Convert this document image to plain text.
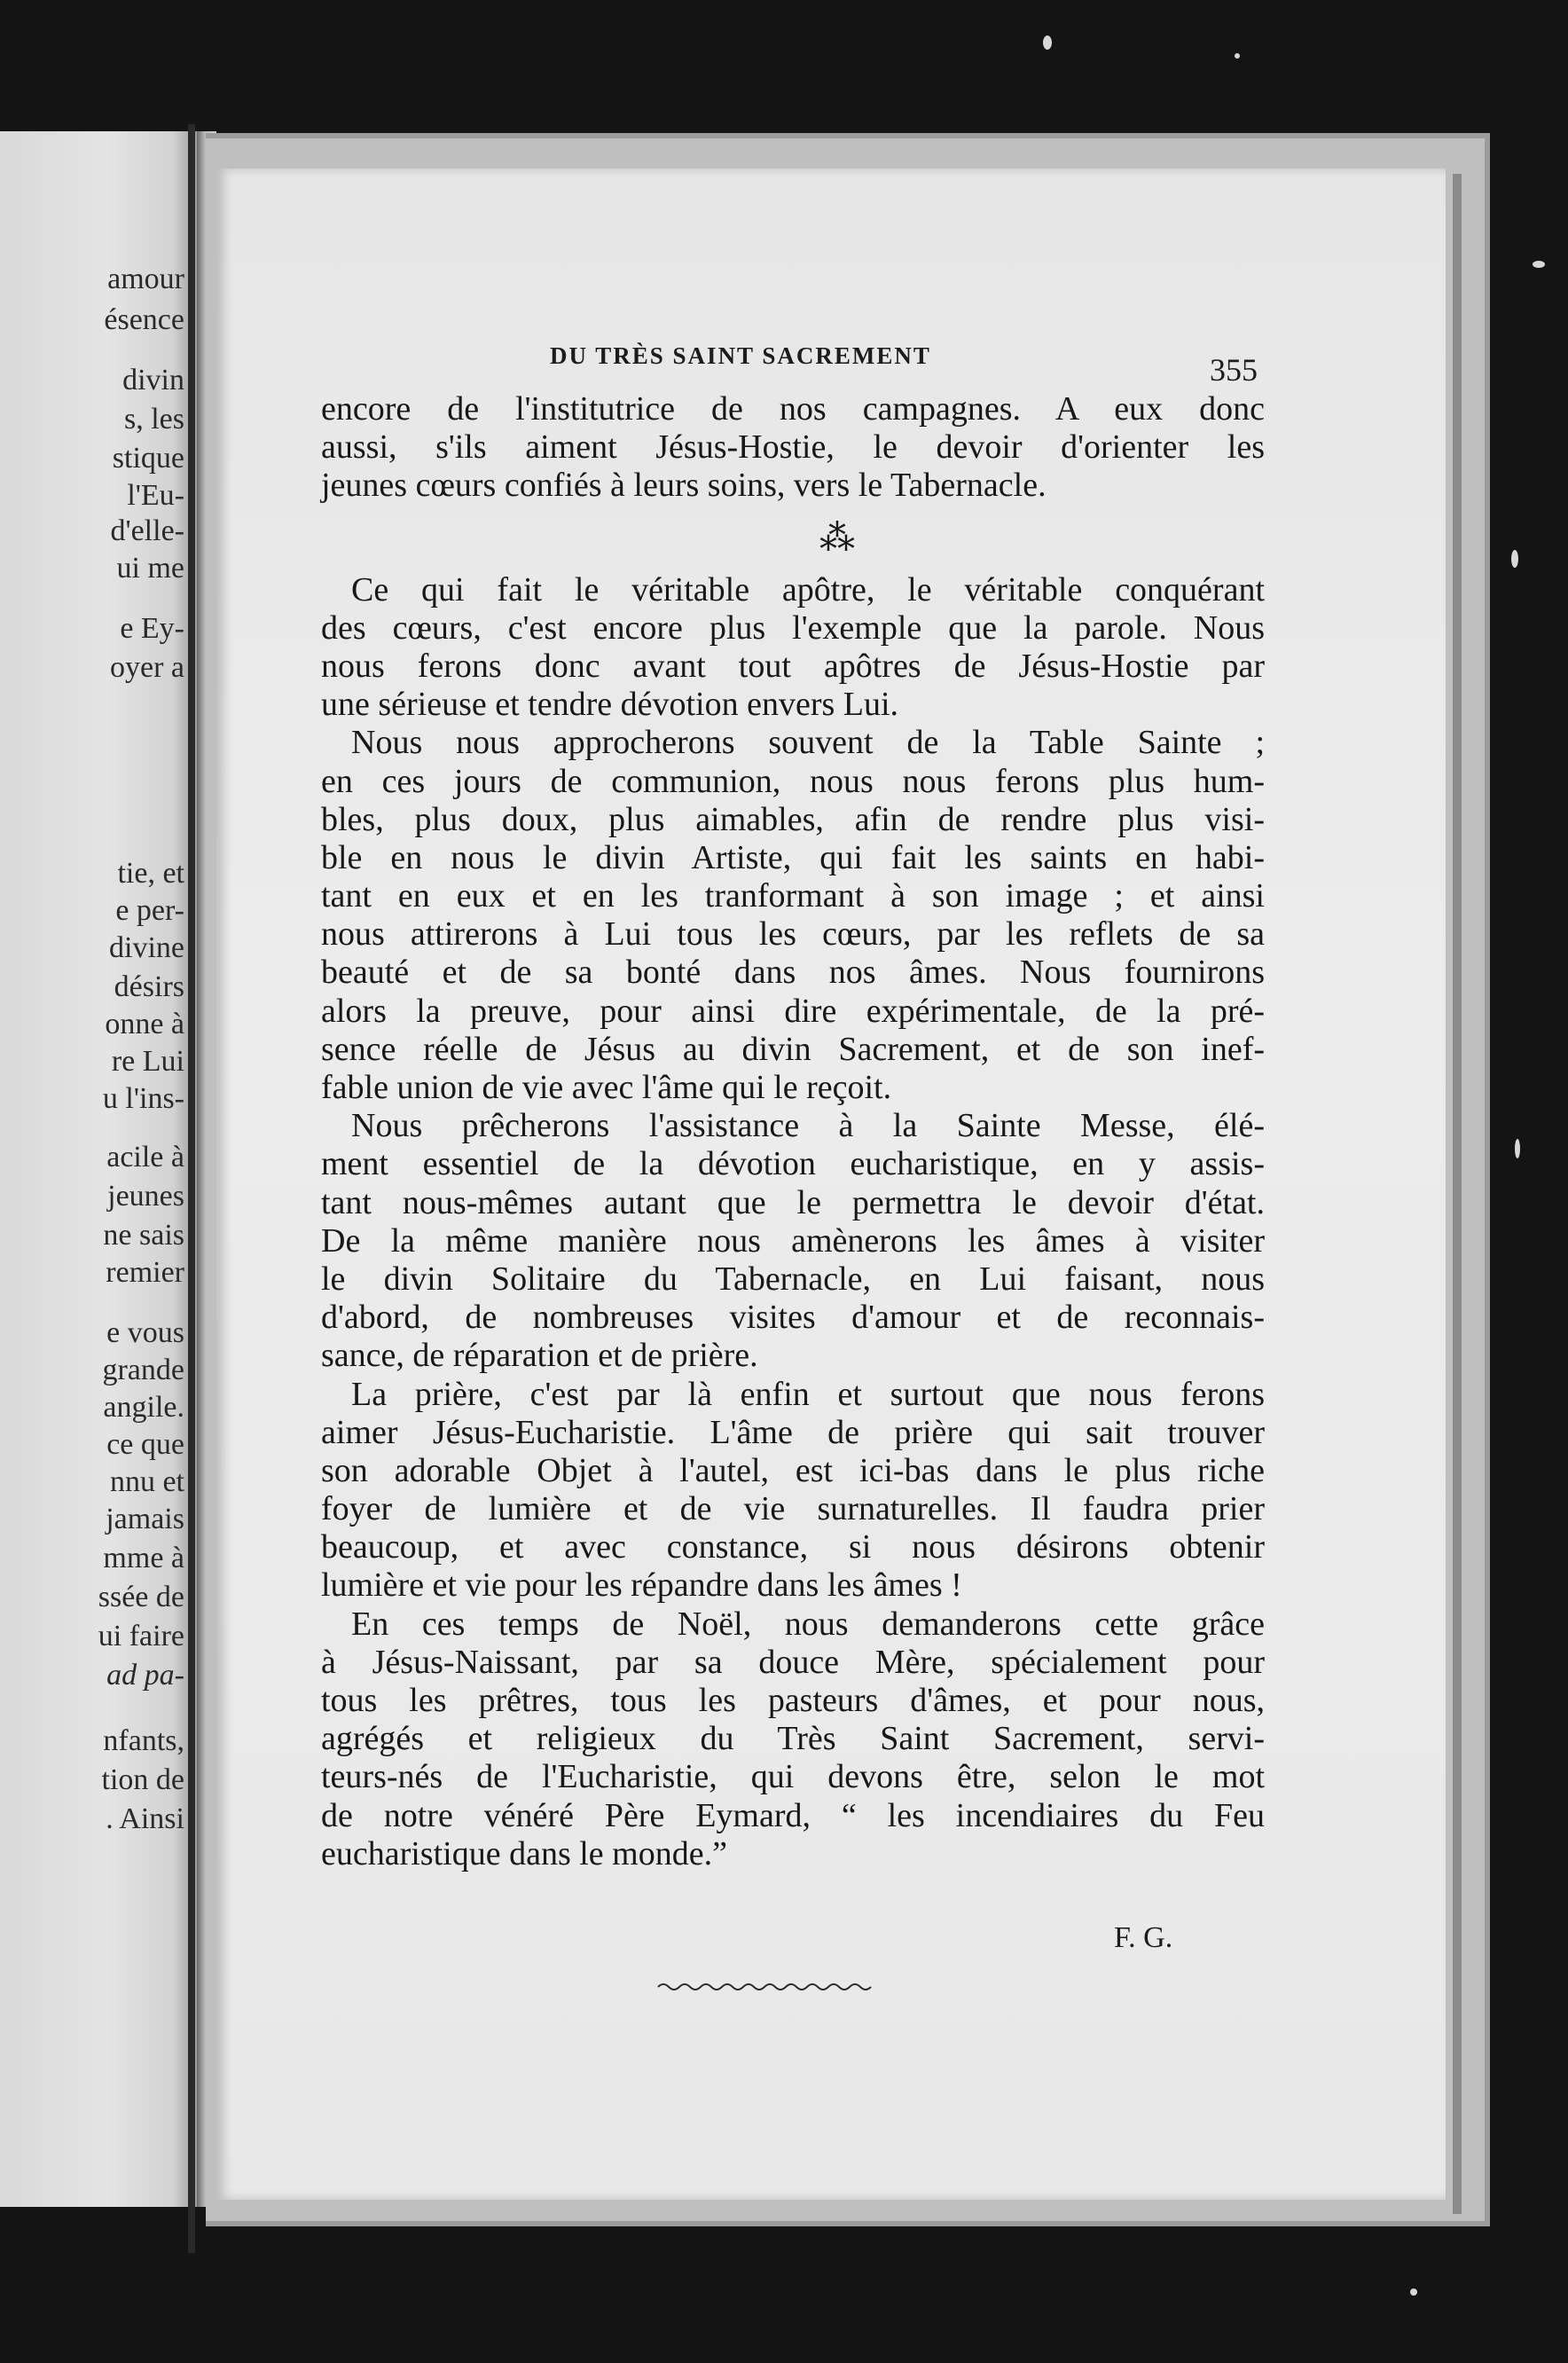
amour
ésence
divin
s, les
stique
l'Eu-
d'elle-
ui me
e Ey-
oyer a
tie, et
e per-
divine
désirs
onne à
re Lui
u l'ins-
acile à
jeunes
ne sais
remier
e vous
grande
angile.
ce que
nnu et
jamais
mme à
ssée de
ui faire
ad pa-
nfants,
tion de
. Ainsi
DU TRÈS SAINT SACREMENT	355
encore de l'institutrice de nos campagnes. A eux donc
aussi, s'ils aiment Jésus-Hostie, le devoir d'orienter les
jeunes cœurs confiés à leurs soins, vers le Tabernacle.
⁂
Ce qui fait le véritable apôtre, le véritable conquérant
des cœurs, c'est encore plus l'exemple que la parole. Nous
nous ferons donc avant tout apôtres de Jésus-Hostie par
une sérieuse et tendre dévotion envers Lui.
Nous nous approcherons souvent de la Table Sainte ;
en ces jours de communion, nous nous ferons plus hum-
bles, plus doux, plus aimables, afin de rendre plus visi-
ble en nous le divin Artiste, qui fait les saints en habi-
tant en eux et en les tranformant à son image ; et ainsi
nous attirerons à Lui tous les cœurs, par les reflets de sa
beauté et de sa bonté dans nos âmes. Nous fournirons
alors la preuve, pour ainsi dire expérimentale, de la pré-
sence réelle de Jésus au divin Sacrement, et de son inef-
fable union de vie avec l'âme qui le reçoit.
Nous prêcherons l'assistance à la Sainte Messe, élé-
ment essentiel de la dévotion eucharistique, en y assis-
tant nous-mêmes autant que le permettra le devoir d'état.
De la même manière nous amènerons les âmes à visiter
le divin Solitaire du Tabernacle, en Lui faisant, nous
d'abord, de nombreuses visites d'amour et de reconnais-
sance, de réparation et de prière.
La prière, c'est par là enfin et surtout que nous ferons
aimer Jésus-Eucharistie. L'âme de prière qui sait trouver
son adorable Objet à l'autel, est ici-bas dans le plus riche
foyer de lumière et de vie surnaturelles. Il faudra prier
beaucoup, et avec constance, si nous désirons obtenir
lumière et vie pour les répandre dans les âmes !
En ces temps de Noël, nous demanderons cette grâce
à Jésus-Naissant, par sa douce Mère, spécialement pour
tous les prêtres, tous les pasteurs d'âmes, et pour nous,
agrégés et religieux du Très Saint Sacrement, servi-
teurs-nés de l'Eucharistie, qui devons être, selon le mot
de notre vénéré Père Eymard, “ les incendiaires du Feu
eucharistique dans le monde.”
F. G.
